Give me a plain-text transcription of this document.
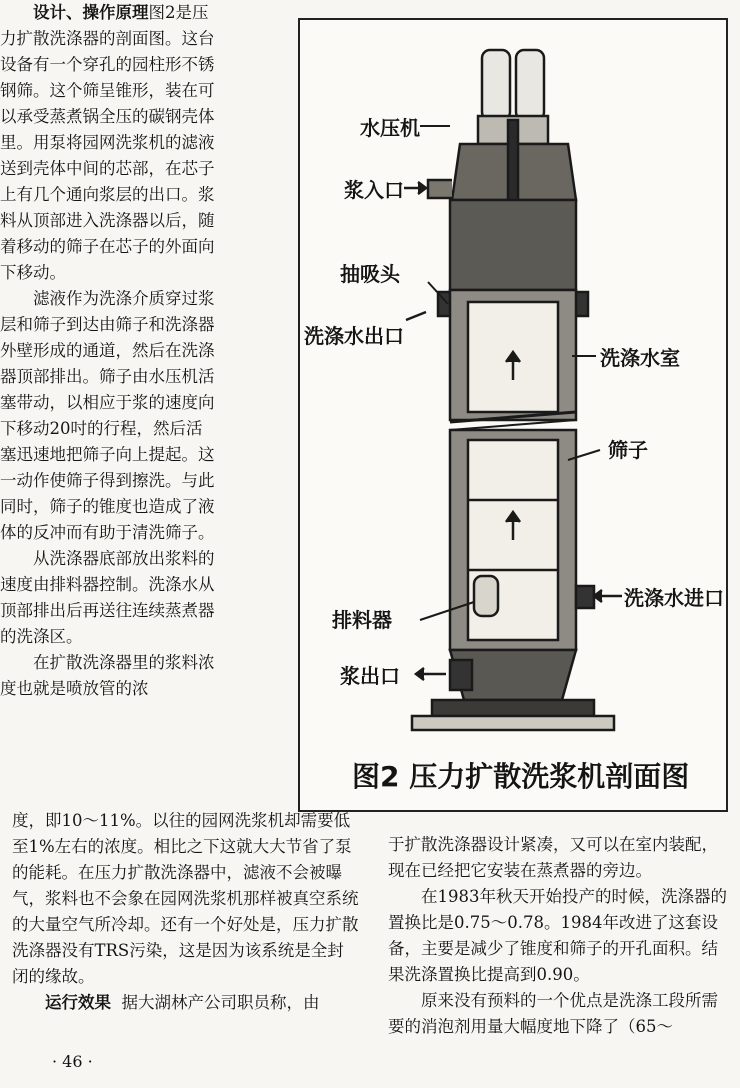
设计、操作原理图2是压力扩散洗涤器的剖面图。这台设备有一个穿孔的园柱形不锈钢筛。这个筛呈锥形，装在可以承受蒸煮锅全压的碳钢壳体里。用泵将园网洗浆机的滤液送到壳体中间的芯部，在芯子上有几个通向浆层的出口。浆料从顶部进入洗涤器以后，随着移动的筛子在芯子的外面向下移动。

滤液作为洗涤介质穿过浆层和筛子到达由筛子和洗涤器外壁形成的通道，然后在洗涤器顶部排出。筛子由水压机活塞带动，以相应于浆的速度向下移动20吋的行程，然后活塞迅速地把筛子向上提起。这一动作使筛子得到擦洗。与此同时，筛子的锥度也造成了液体的反冲而有助于清洗筛子。

从洗涤器底部放出浆料的速度由排料器控制。洗涤水从顶部排出后再送往连续蒸煮器的洗涤区。

在扩散洗涤器里的浆料浓度也就是喷放管的浓

水压机
浆入口
抽吸头
洗涤水出口
洗涤水室
筛子
洗涤水进口
排料器
浆出口
图2 压力扩散洗浆机剖面图

度，即10～11%。以往的园网洗浆机却需要低至1%左右的浓度。相比之下这就大大节省了泵的能耗。在压力扩散洗涤器中，滤液不会被曝气，浆料也不会象在园网洗浆机那样被真空系统的大量空气所冷却。还有一个好处是，压力扩散洗涤器没有TRS污染，这是因为该系统是全封闭的缘故。

运行效果 据大湖林产公司职员称，由

于扩散洗涤器设计紧凑，又可以在室内装配，现在已经把它安装在蒸煮器的旁边。

在1983年秋天开始投产的时候，洗涤器的置换比是0.75～0.78。1984年改进了这套设备，主要是减少了锥度和筛子的开孔面积。结果洗涤置换比提高到0.90。

原来没有预料的一个优点是洗涤工段所需要的消泡剂用量大幅度地下降了（65～

· 46 ·
